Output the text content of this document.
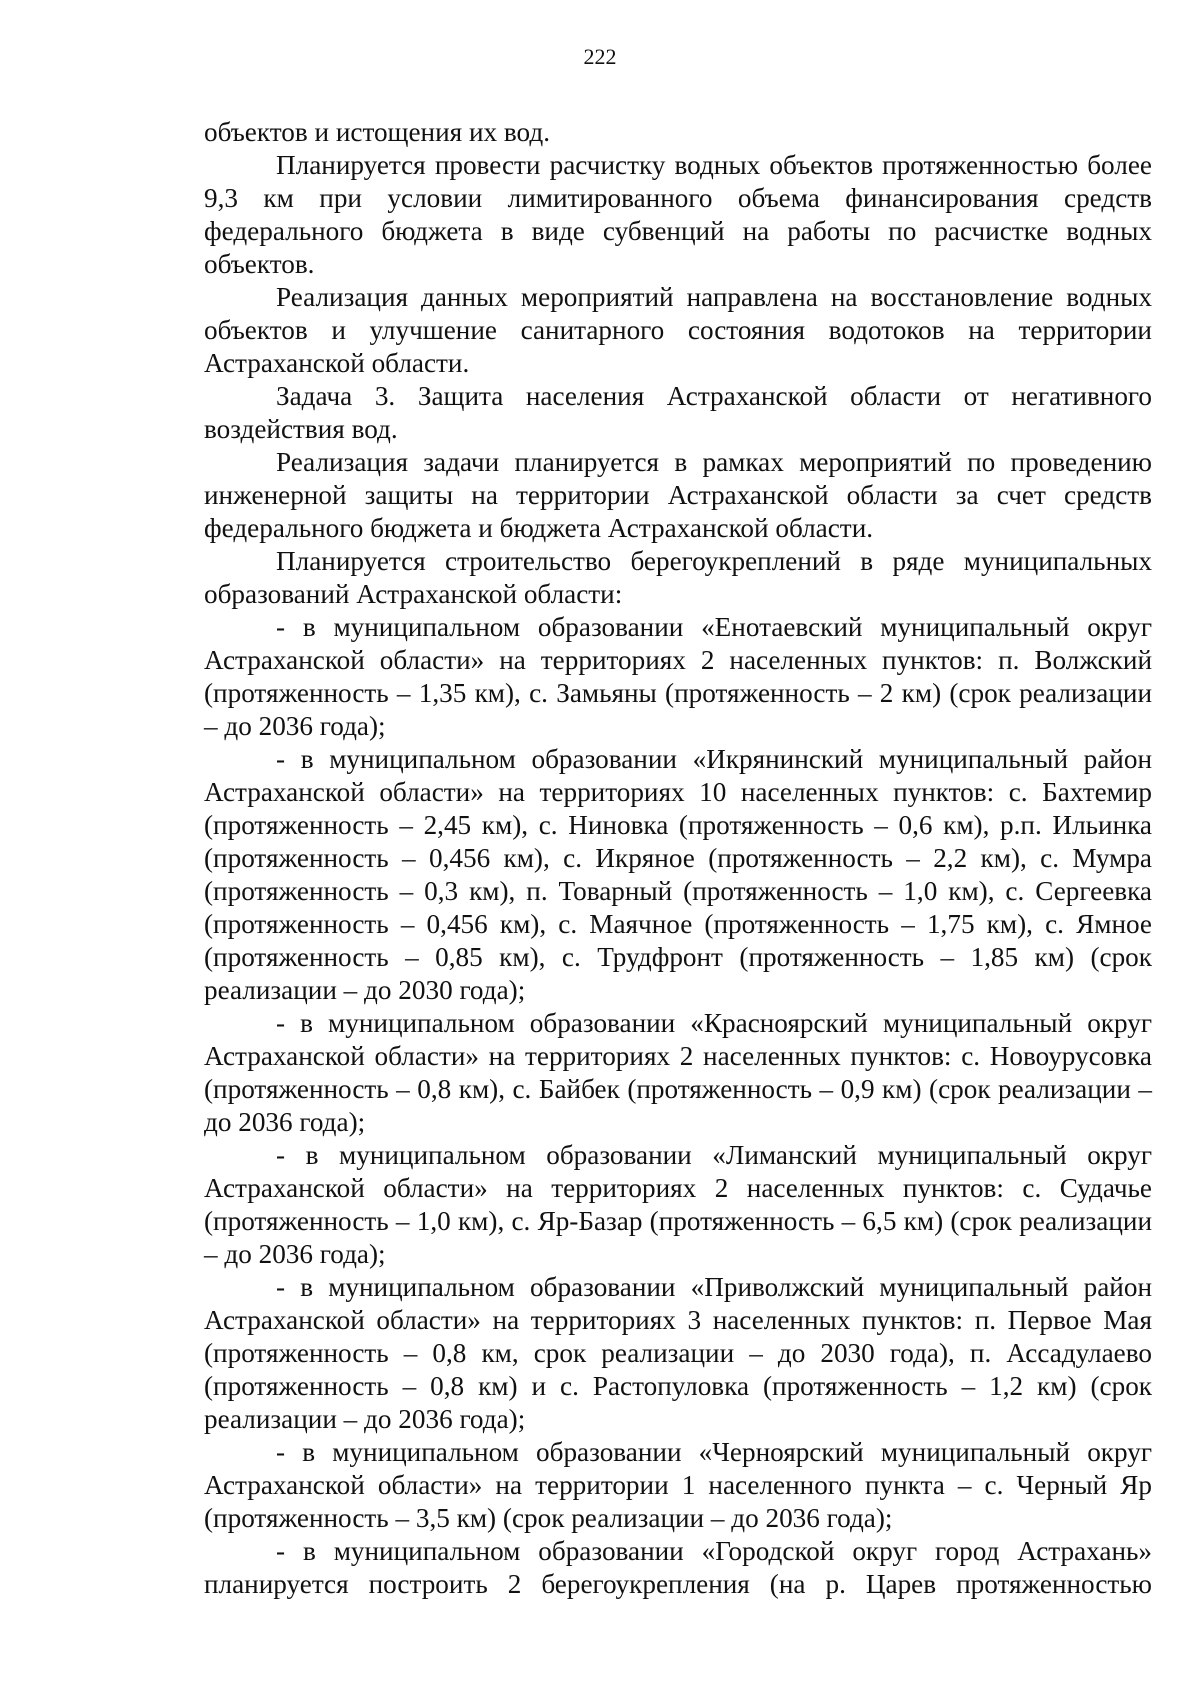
222

объектов и истощения их вод.

Планируется провести расчистку водных объектов протяженностью более 9,3 км при условии лимитированного объема финансирования средств федерального бюджета в виде субвенций на работы по расчистке водных объектов.

Реализация данных мероприятий направлена на восстановление водных объектов и улучшение санитарного состояния водотоков на территории Астраханской области.

Задача 3. Защита населения Астраханской области от негативного воздействия вод.

Реализация задачи планируется в рамках мероприятий по проведению инженерной защиты на территории Астраханской области за счет средств федерального бюджета и бюджета Астраханской области.

Планируется строительство берегоукреплений в ряде муниципальных образований Астраханской области:

- в муниципальном образовании «Енотаевский муниципальный округ Астраханской области» на территориях 2 населенных пунктов: п. Волжский (протяженность – 1,35 км), с. Замьяны (протяженность – 2 км) (срок реализации – до 2036 года);

- в муниципальном образовании «Икрянинский муниципальный район Астраханской области» на территориях 10 населенных пунктов: с. Бахтемир (протяженность – 2,45 км), с. Ниновка (протяженность – 0,6 км), р.п. Ильинка (протяженность – 0,456 км), с. Икряное (протяженность – 2,2 км), с. Мумра (протяженность – 0,3 км), п. Товарный (протяженность – 1,0 км), с. Сергеевка (протяженность – 0,456 км), с. Маячное (протяженность – 1,75 км), с. Ямное (протяженность – 0,85 км), с. Трудфронт (протяженность – 1,85 км) (срок реализации – до 2030 года);

- в муниципальном образовании «Красноярский муниципальный округ Астраханской области» на территориях 2 населенных пунктов: с. Новоурусовка (протяженность – 0,8 км), с. Байбек (протяженность – 0,9 км) (срок реализации – до 2036 года);

- в муниципальном образовании «Лиманский муниципальный округ Астраханской области» на территориях 2 населенных пунктов: с. Судачье (протяженность – 1,0 км), с. Яр-Базар (протяженность – 6,5 км) (срок реализации – до 2036 года);

- в муниципальном образовании «Приволжский муниципальный район Астраханской области» на территориях 3 населенных пунктов: п. Первое Мая (протяженность – 0,8 км, срок реализации – до 2030 года), п. Ассадулаево (протяженность – 0,8 км) и с. Растопуловка (протяженность – 1,2 км) (срок реализации – до 2036 года);

- в муниципальном образовании «Черноярский муниципальный округ Астраханской области» на территории 1 населенного пункта – с. Черный Яр (протяженность – 3,5 км) (срок реализации – до 2036 года);

- в муниципальном образовании «Городской округ город Астрахань» планируется построить 2 берегоукрепления (на р. Царев протяженностью
